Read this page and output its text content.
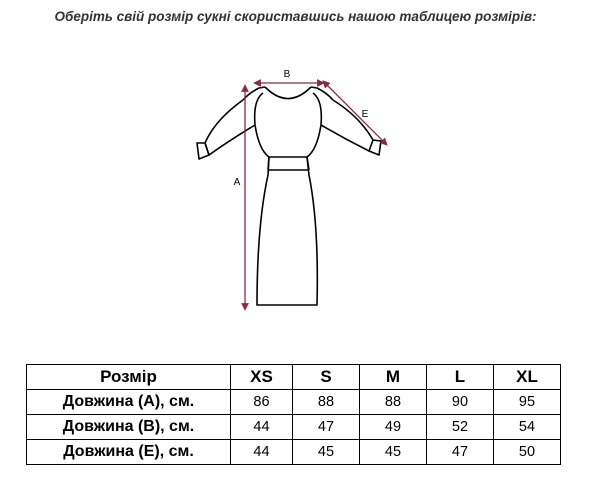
Оберіть свій розмір сукні скориставшись нашою таблицею розмірів:
B
A
E
Розмір	XS	S	M	L	XL
Довжина (А), см.	86	88	88	90	95
Довжина (В), см.	44	47	49	52	54
Довжина (Е), см.	44	45	45	47	50
